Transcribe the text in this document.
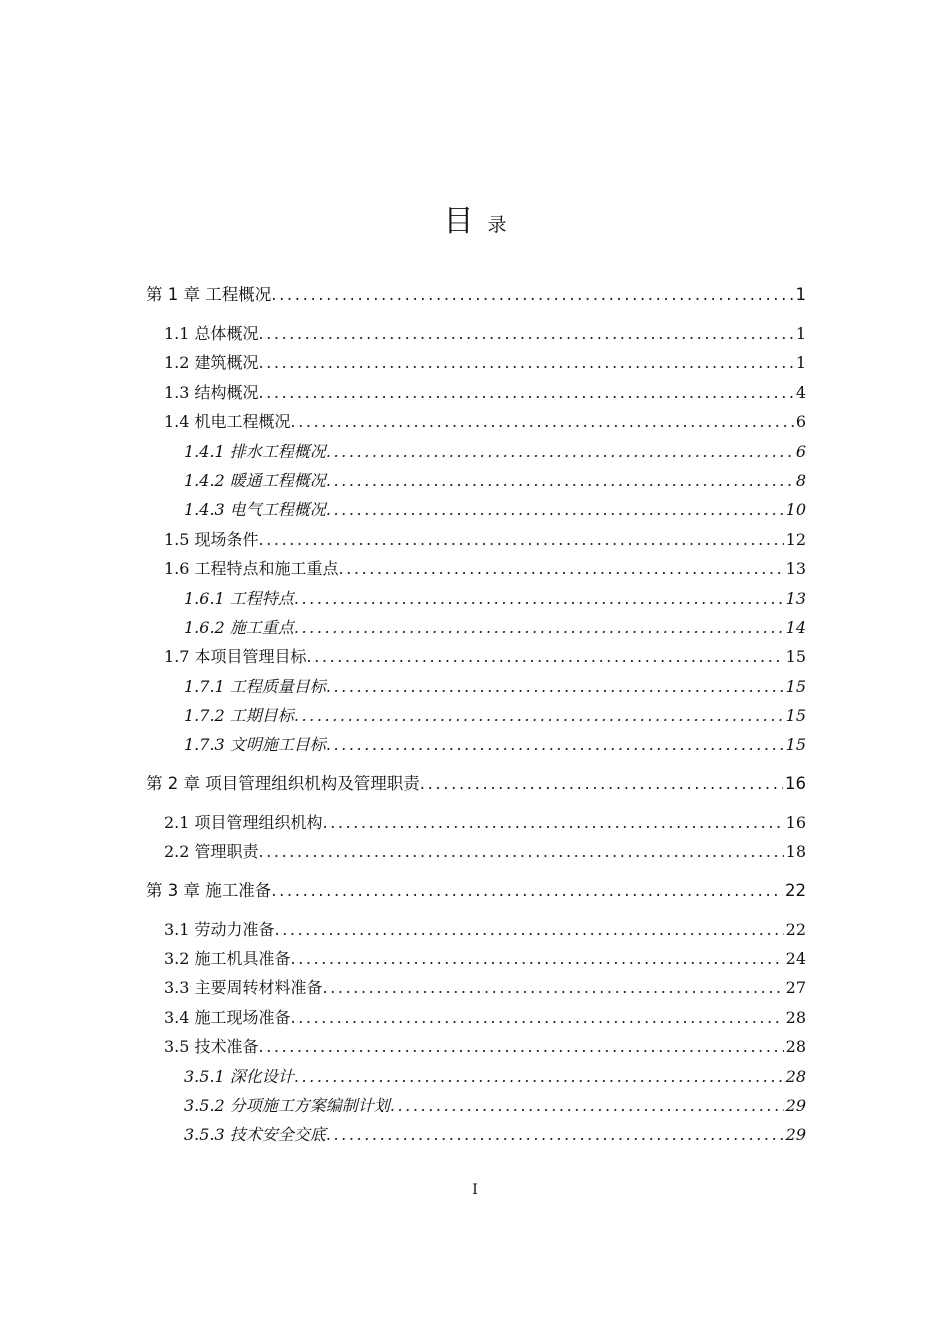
目录
第 1 章 工程概况 .....	1
1.1 总体概况 .....	1
1.2 建筑概况 .....	1
1.3 结构概况 .....	4
1.4 机电工程概况 .....	6
1.4.1 排水工程概况 .....	6
1.4.2 暖通工程概况 .....	8
1.4.3 电气工程概况 .....	10
1.5 现场条件 .....	12
1.6 工程特点和施工重点 .....	13
1.6.1 工程特点 .....	13
1.6.2 施工重点 .....	14
1.7 本项目管理目标 .....	15
1.7.1 工程质量目标 .....	15
1.7.2 工期目标 .....	15
1.7.3 文明施工目标 .....	15
第 2 章 项目管理组织机构及管理职责 .....	16
2.1 项目管理组织机构 .....	16
2.2 管理职责 .....	18
第 3 章 施工准备 .....	22
3.1 劳动力准备 .....	22
3.2 施工机具准备 .....	24
3.3 主要周转材料准备 .....	27
3.4 施工现场准备 .....	28
3.5 技术准备 .....	28
3.5.1 深化设计 .....	28
3.5.2 分项施工方案编制计划 .....	29
3.5.3 技术安全交底 .....	29
I
